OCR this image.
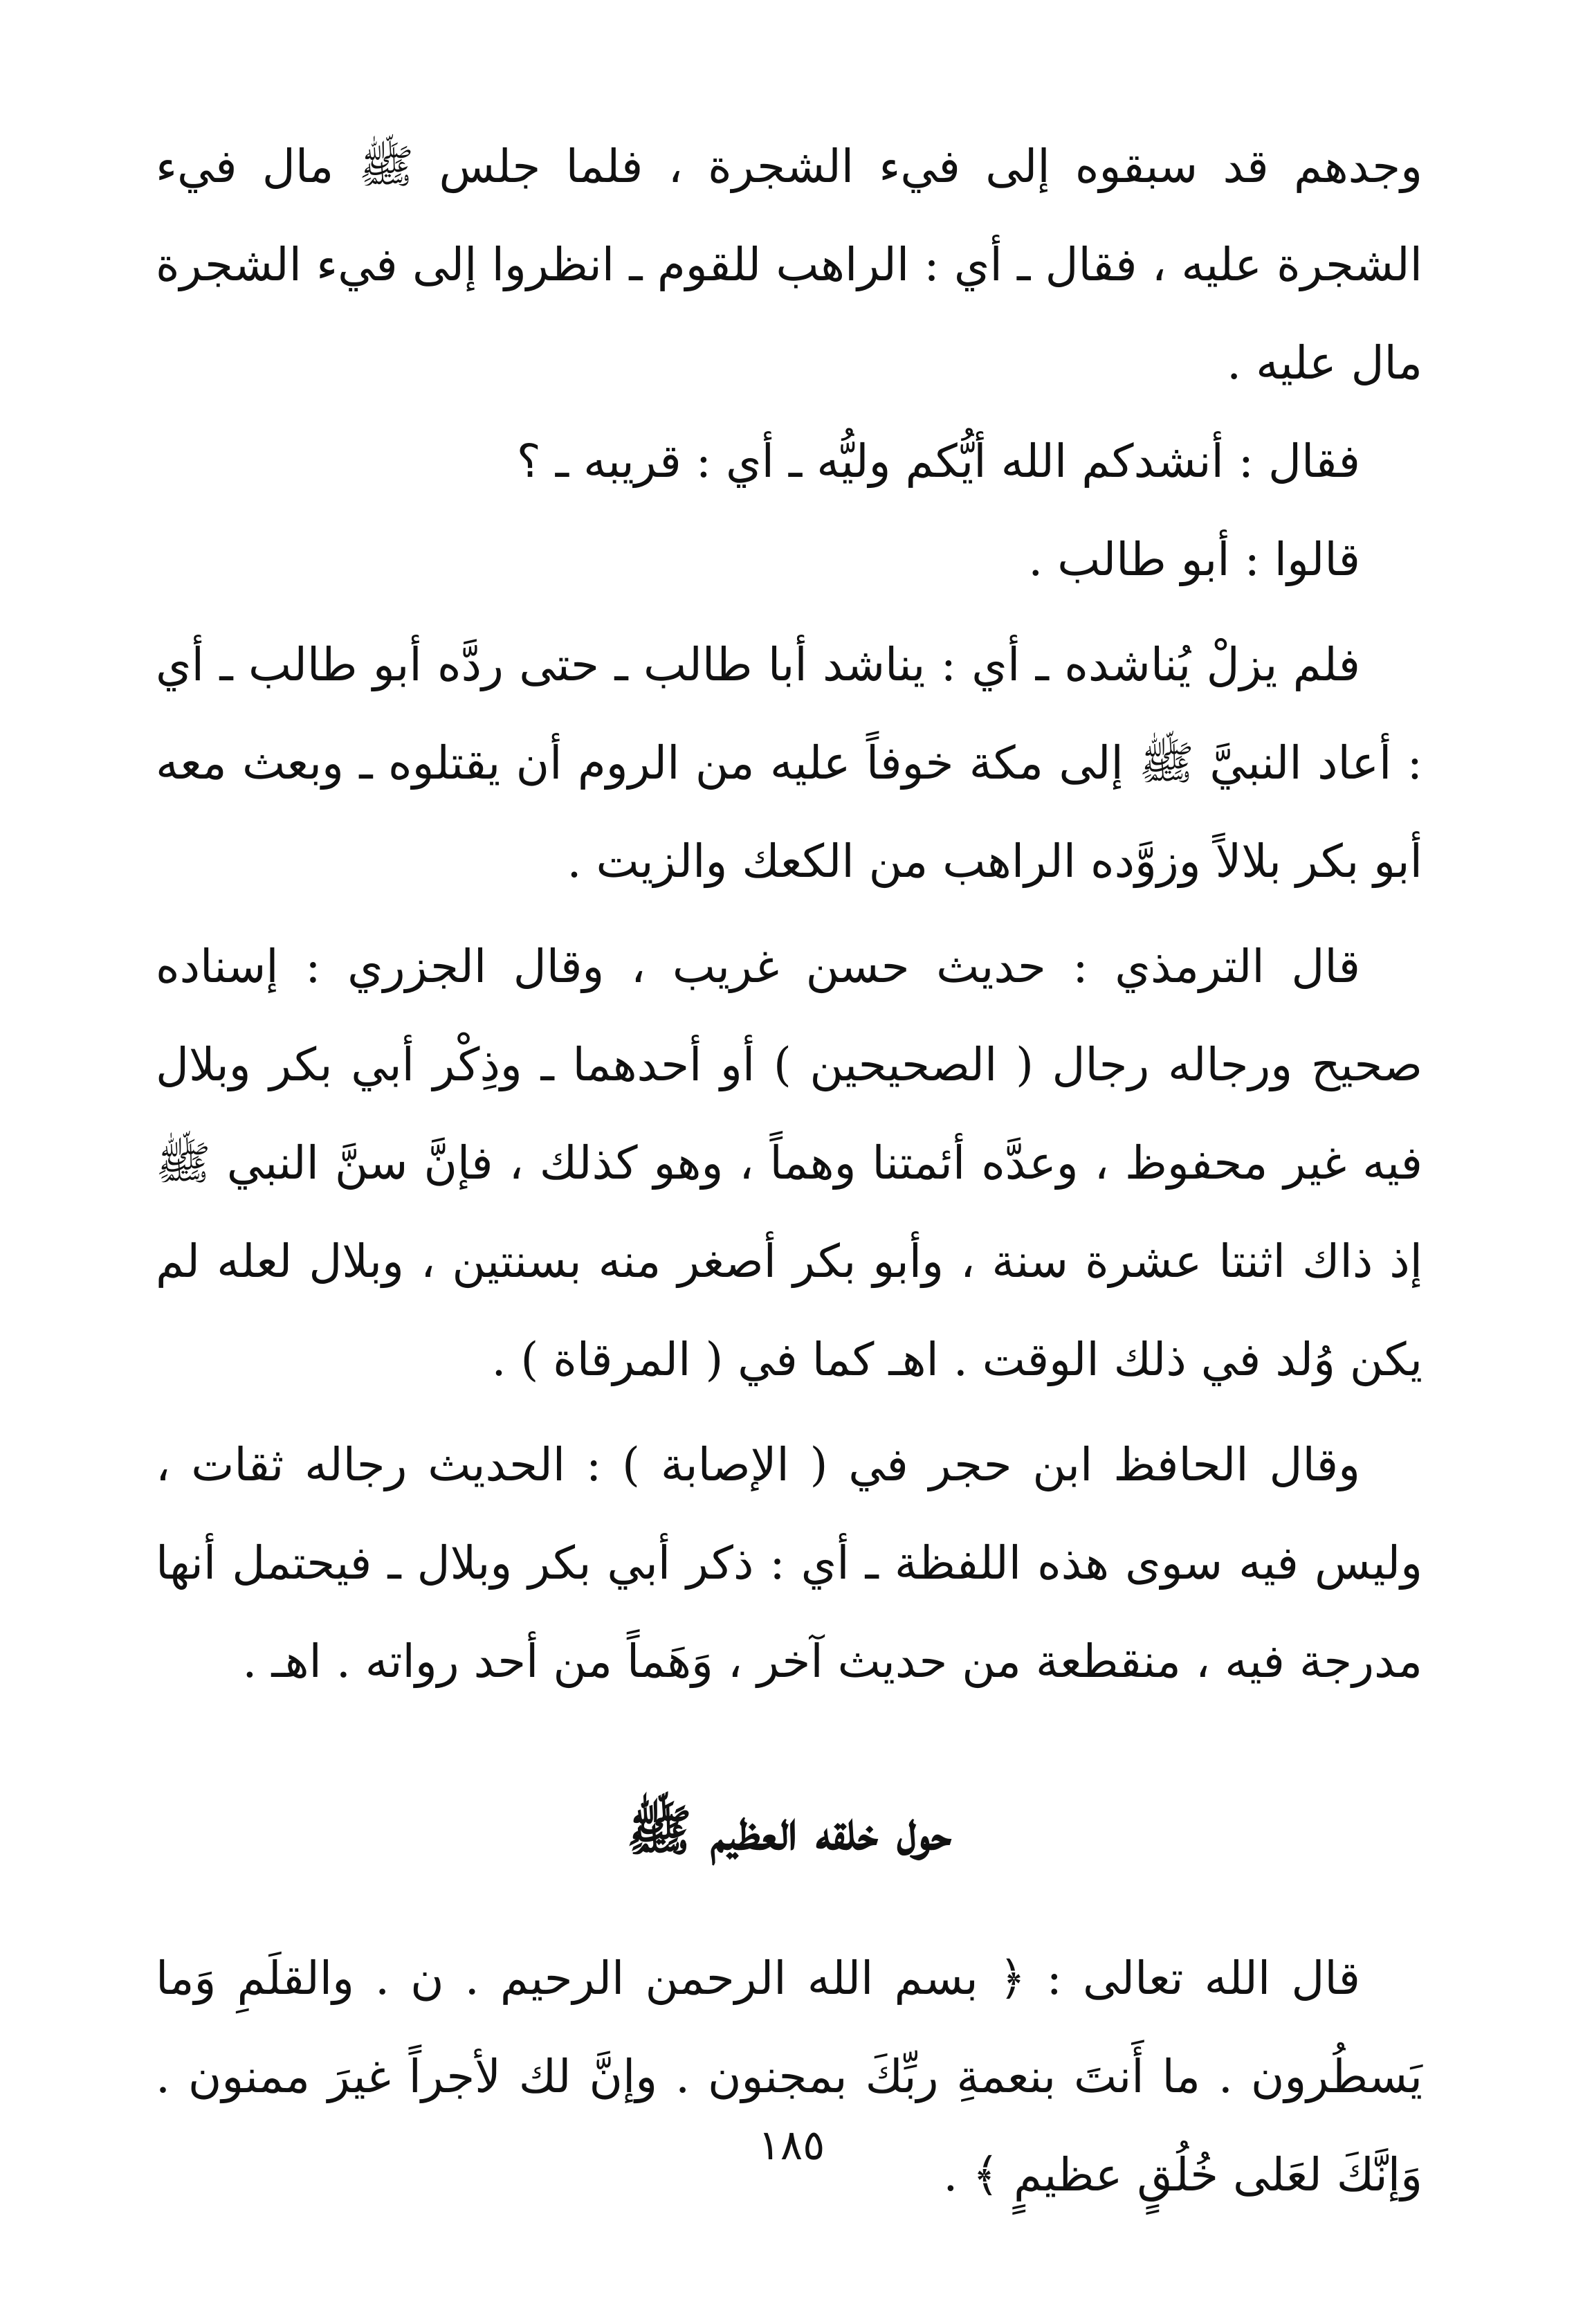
وجدهم قد سبقوه إلى فيء الشجرة ، فلما جلس ﷺ مال فيء الشجرة عليه ، فقال ـ أي : الراهب للقوم ـ انظروا إلى فيء الشجرة مال عليه .

فقال : أنشدكم الله أيُّكم وليُّه ـ أي : قريبه ـ ؟

قالوا : أبو طالب .

فلم يزلْ يُناشده ـ أي : يناشد أبا طالب ـ حتى ردَّه أبو طالب ـ أي : أعاد النبيَّ ﷺ إلى مكة خوفاً عليه من الروم أن يقتلوه ـ وبعث معه أبو بكر بلالاً وزوَّده الراهب من الكعك والزيت .

قال الترمذي : حديث حسن غريب ، وقال الجزري : إسناده صحيح ورجاله رجال ( الصحيحين ) أو أحدهما ـ وذِكْر أبي بكر وبلال فيه غير محفوظ ، وعدَّه أئمتنا وهماً ، وهو كذلك ، فإنَّ سنَّ النبي ﷺ إذ ذاك اثنتا عشرة سنة ، وأبو بكر أصغر منه بسنتين ، وبلال لعله لم يكن وُلد في ذلك الوقت . اهـ كما في ( المرقاة ) .

وقال الحافظ ابن حجر في ( الإصابة ) : الحديث رجاله ثقات ، وليس فيه سوى هذه اللفظة ـ أي : ذكر أبي بكر وبلال ـ فيحتمل أنها مدرجة فيه ، منقطعة من حديث آخر ، وَهَماً من أحد رواته . اهـ .

حول خلقه العظيم ﷺ

قال الله تعالى : ﴿ بسم الله الرحمن الرحيم . ن . والقلَمِ وَما يَسطُرون . ما أَنتَ بنعمةِ ربِّكَ بمجنون . وإنَّ لك لأجراً غيرَ ممنون . وَإنَّكَ لعَلى خُلُقٍ عظيمٍ ﴾ .

١٨٥
